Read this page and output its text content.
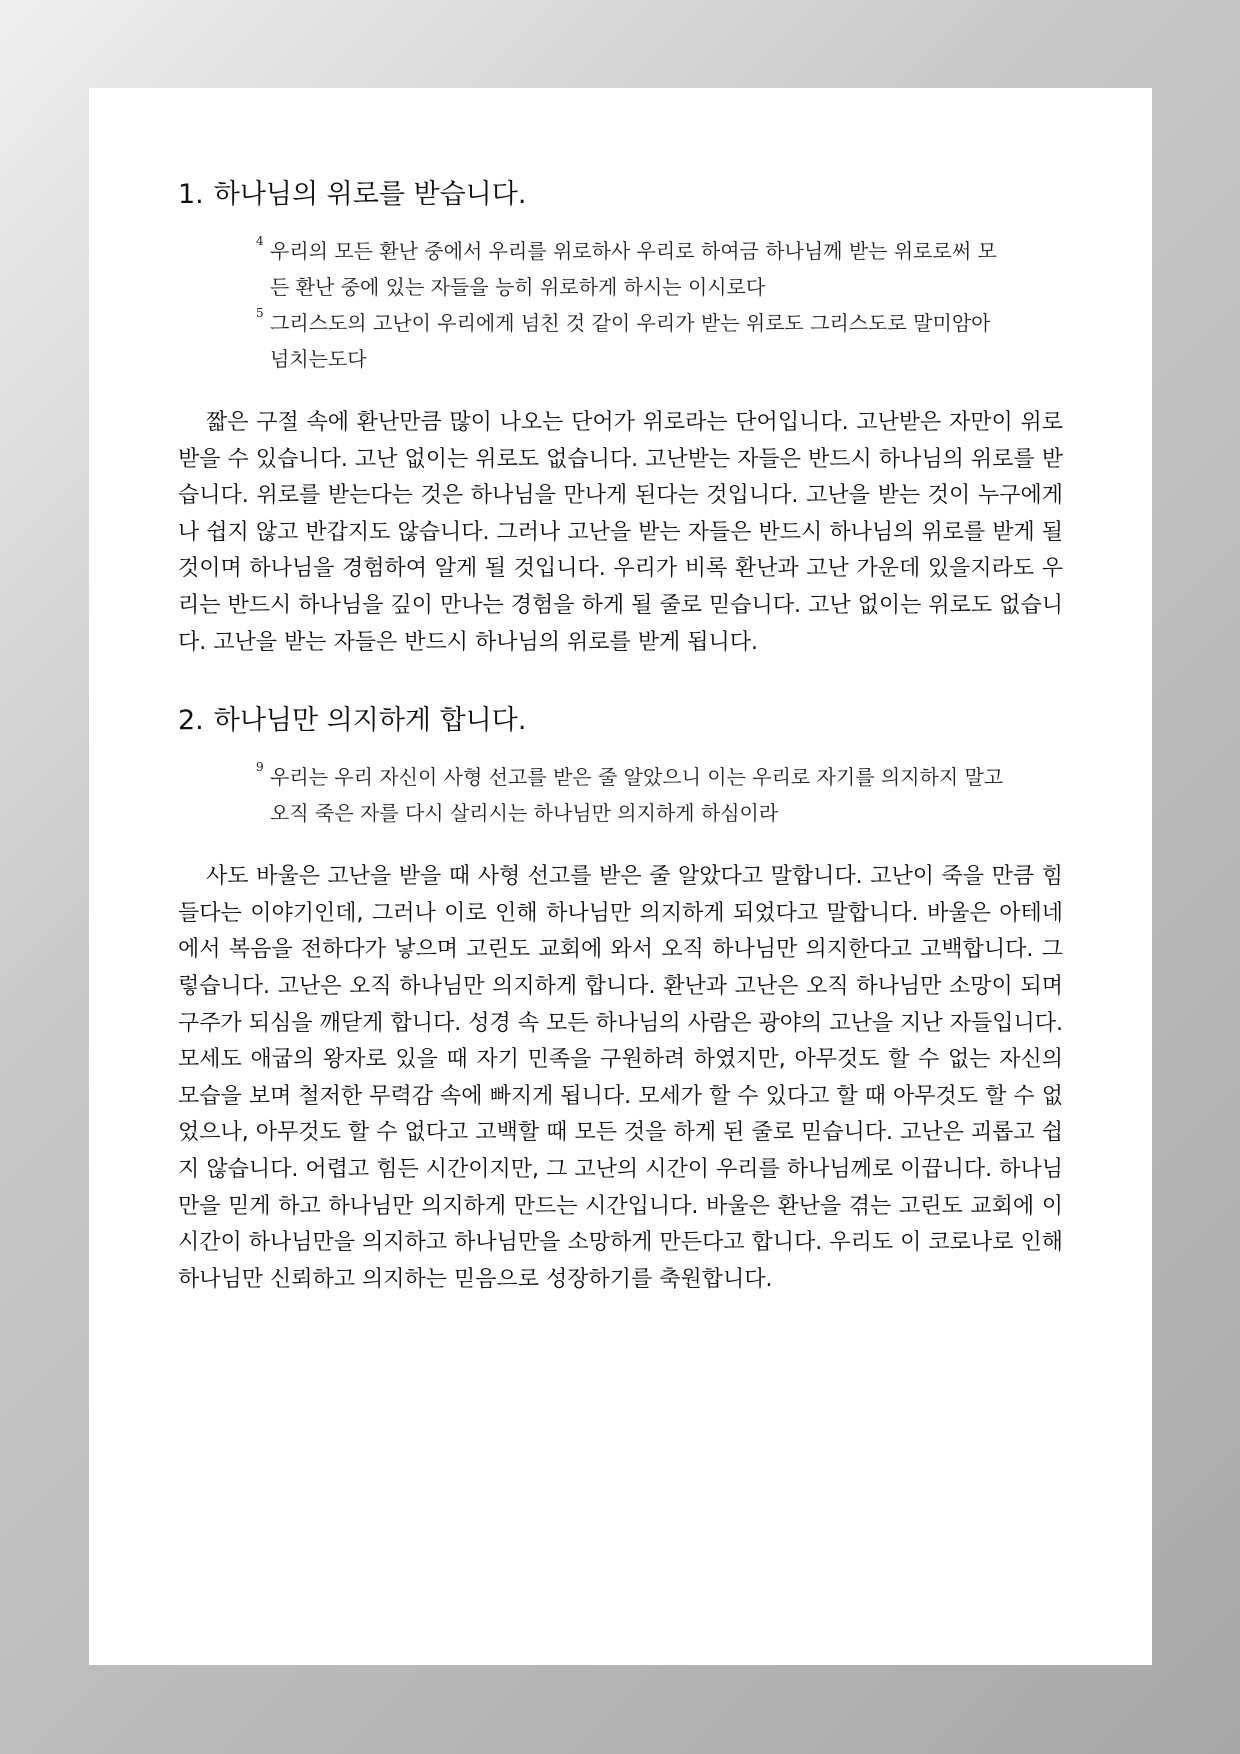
1. 하나님의 위로를 받습니다.
4 우리의 모든 환난 중에서 우리를 위로하사 우리로 하여금 하나님께 받는 위로로써 모든 환난 중에 있는 자들을 능히 위로하게 하시는 이시로다
5 그리스도의 고난이 우리에게 넘친 것 같이 우리가 받는 위로도 그리스도로 말미암아 넘치는도다

짧은 구절 속에 환난만큼 많이 나오는 단어가 위로라는 단어입니다. 고난받은 자만이 위로받을 수 있습니다. 고난 없이는 위로도 없습니다. 고난받는 자들은 반드시 하나님의 위로를 받습니다. 위로를 받는다는 것은 하나님을 만나게 된다는 것입니다. 고난을 받는 것이 누구에게나 쉽지 않고 반갑지도 않습니다. 그러나 고난을 받는 자들은 반드시 하나님의 위로를 받게 될 것이며 하나님을 경험하여 알게 될 것입니다. 우리가 비록 환난과 고난 가운데 있을지라도 우리는 반드시 하나님을 깊이 만나는 경험을 하게 될 줄로 믿습니다. 고난 없이는 위로도 없습니다. 고난을 받는 자들은 반드시 하나님의 위로를 받게 됩니다.

2. 하나님만 의지하게 합니다.
9 우리는 우리 자신이 사형 선고를 받은 줄 알았으니 이는 우리로 자기를 의지하지 말고 오직 죽은 자를 다시 살리시는 하나님만 의지하게 하심이라

사도 바울은 고난을 받을 때 사형 선고를 받은 줄 알았다고 말합니다. 고난이 죽을 만큼 힘들다는 이야기인데, 그러나 이로 인해 하나님만 의지하게 되었다고 말합니다. 바울은 아테네에서 복음을 전하다가 낳으며 고린도 교회에 와서 오직 하나님만 의지한다고 고백합니다. 그렇습니다. 고난은 오직 하나님만 의지하게 합니다. 환난과 고난은 오직 하나님만 소망이 되며 구주가 되심을 깨닫게 합니다. 성경 속 모든 하나님의 사람은 광야의 고난을 지난 자들입니다. 모세도 애굽의 왕자로 있을 때 자기 민족을 구원하려 하였지만, 아무것도 할 수 없는 자신의 모습을 보며 철저한 무력감 속에 빠지게 됩니다. 모세가 할 수 있다고 할 때 아무것도 할 수 없었으나, 아무것도 할 수 없다고 고백할 때 모든 것을 하게 된 줄로 믿습니다. 고난은 괴롭고 쉽지 않습니다. 어렵고 힘든 시간이지만, 그 고난의 시간이 우리를 하나님께로 이끕니다. 하나님만을 믿게 하고 하나님만 의지하게 만드는 시간입니다. 바울은 환난을 겪는 고린도 교회에 이 시간이 하나님만을 의지하고 하나님만을 소망하게 만든다고 합니다. 우리도 이 코로나로 인해 하나님만 신뢰하고 의지하는 믿음으로 성장하기를 축원합니다.
